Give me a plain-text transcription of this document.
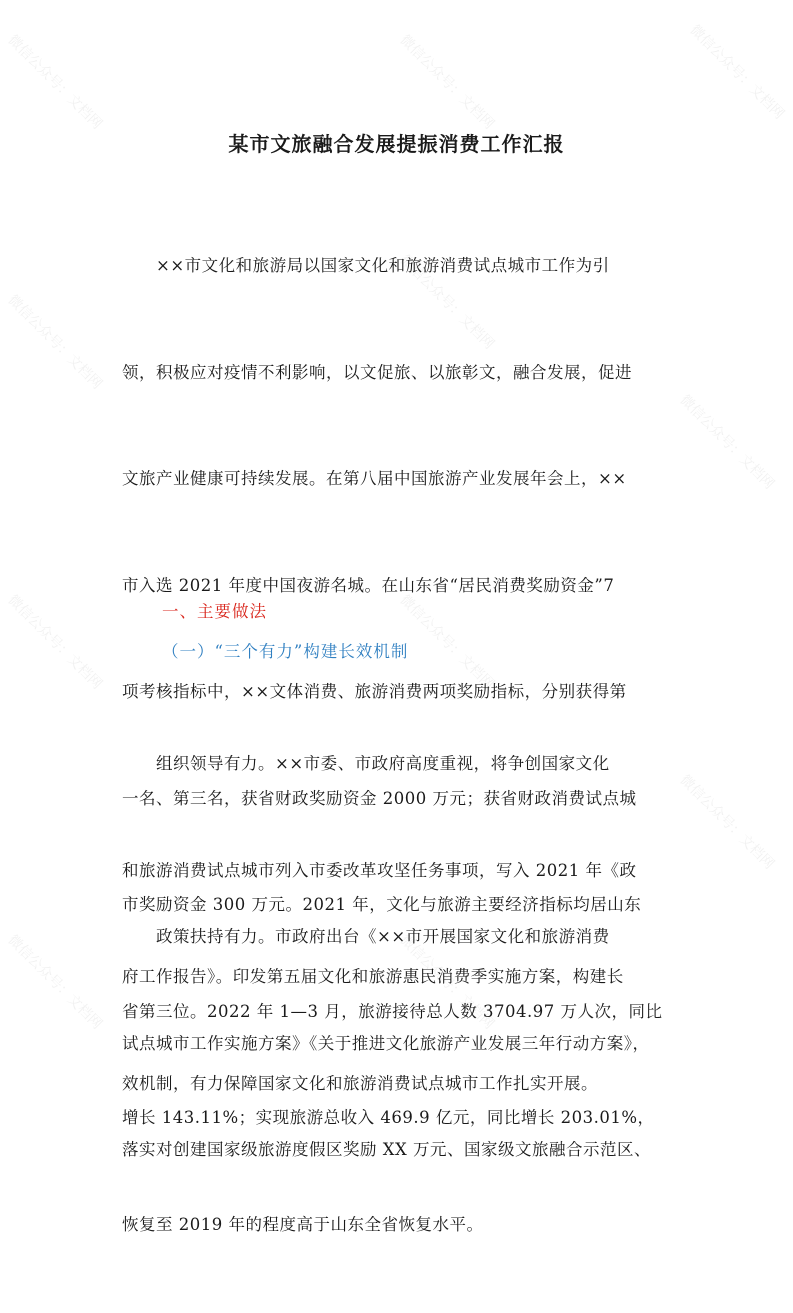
微信公众号：文档网	微信公众号：文档网	微信公众号：文档网
微信公众号：文档网	微信公众号：文档网
微信公众号：文档网
微信公众号：文档网	微信公众号：文档网
微信公众号：文档网
微信公众号：文档网	微信公众号：文档网
某市文旅融合发展提振消费工作汇报

　　××市文化和旅游局以国家文化和旅游消费试点城市工作为引

领，积极应对疫情不利影响，以文促旅、以旅彰文，融合发展，促进

文旅产业健康可持续发展。在第八届中国旅游产业发展年会上，××

市入选 2021 年度中国夜游名城。在山东省“居民消费奖励资金”7

项考核指标中，××文体消费、旅游消费两项奖励指标，分别获得第

一名、第三名，获省财政奖励资金 2000 万元；获省财政消费试点城

市奖励资金 300 万元。2021 年，文化与旅游主要经济指标均居山东

省第三位。2022 年 1—3 月，旅游接待总人数 3704.97 万人次，同比

增长 143.11%；实现旅游总收入 469.9 亿元，同比增长 203.01%，

恢复至 2019 年的程度高于山东全省恢复水平。

一、主要做法
（一）“三个有力”构建长效机制

　　组织领导有力。××市委、市政府高度重视，将争创国家文化

和旅游消费试点城市列入市委改革攻坚任务事项，写入 2021 年《政

府工作报告》。印发第五届文化和旅游惠民消费季实施方案，构建长

效机制，有力保障国家文化和旅游消费试点城市工作扎实开展。

　　政策扶持有力。市政府出台《××市开展国家文化和旅游消费

试点城市工作实施方案》《关于推进文化旅游产业发展三年行动方案》，

落实对创建国家级旅游度假区奖励 XX 万元、国家级文旅融合示范区、
